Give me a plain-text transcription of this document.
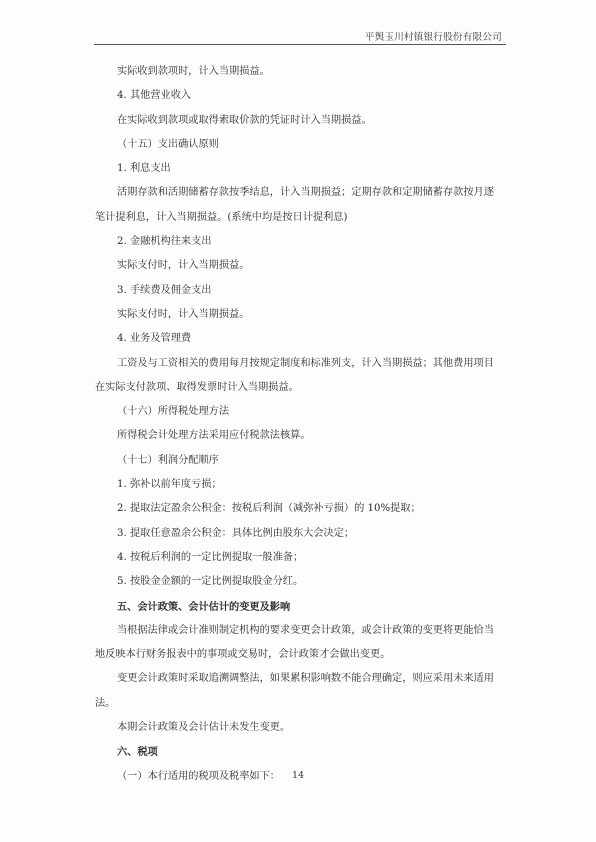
平舆玉川村镇银行股份有限公司
实际收到款项时，计入当期损益。
4. 其他营业收入
在实际收到款项或取得索取价款的凭证时计入当期损益。
（十五）支出确认原则
1. 利息支出
活期存款和活期储蓄存款按季结息，计入当期损益；定期存款和定期储蓄存款按月逐
笔计提利息，计入当期损益。(系统中均是按日计提利息)
2. 金融机构往来支出
实际支付时，计入当期损益。
3. 手续费及佣金支出
实际支付时，计入当期损益。
4. 业务及管理费
工资及与工资相关的费用每月按规定制度和标准列支，计入当期损益；其他费用项目
在实际支付款项、取得发票时计入当期损益。
（十六）所得税处理方法
所得税会计处理方法采用应付税款法核算。
（十七）利润分配顺序
1. 弥补以前年度亏损；
2. 提取法定盈余公积金：按税后利润（减弥补亏损）的 10%提取；
3. 提取任意盈余公积金：具体比例由股东大会决定；
4. 按税后利润的一定比例提取一般准备；
5. 按股金金额的一定比例提取股金分红。
五、会计政策、会计估计的变更及影响
当根据法律或会计准则制定机构的要求变更会计政策，或会计政策的变更将更能恰当
地反映本行财务报表中的事项或交易时，会计政策才会做出变更。
变更会计政策时采取追溯调整法，如果累积影响数不能合理确定，则应采用未来适用
法。
本期会计政策及会计估计未发生变更。
六、税项
（一）本行适用的税项及税率如下：	14
